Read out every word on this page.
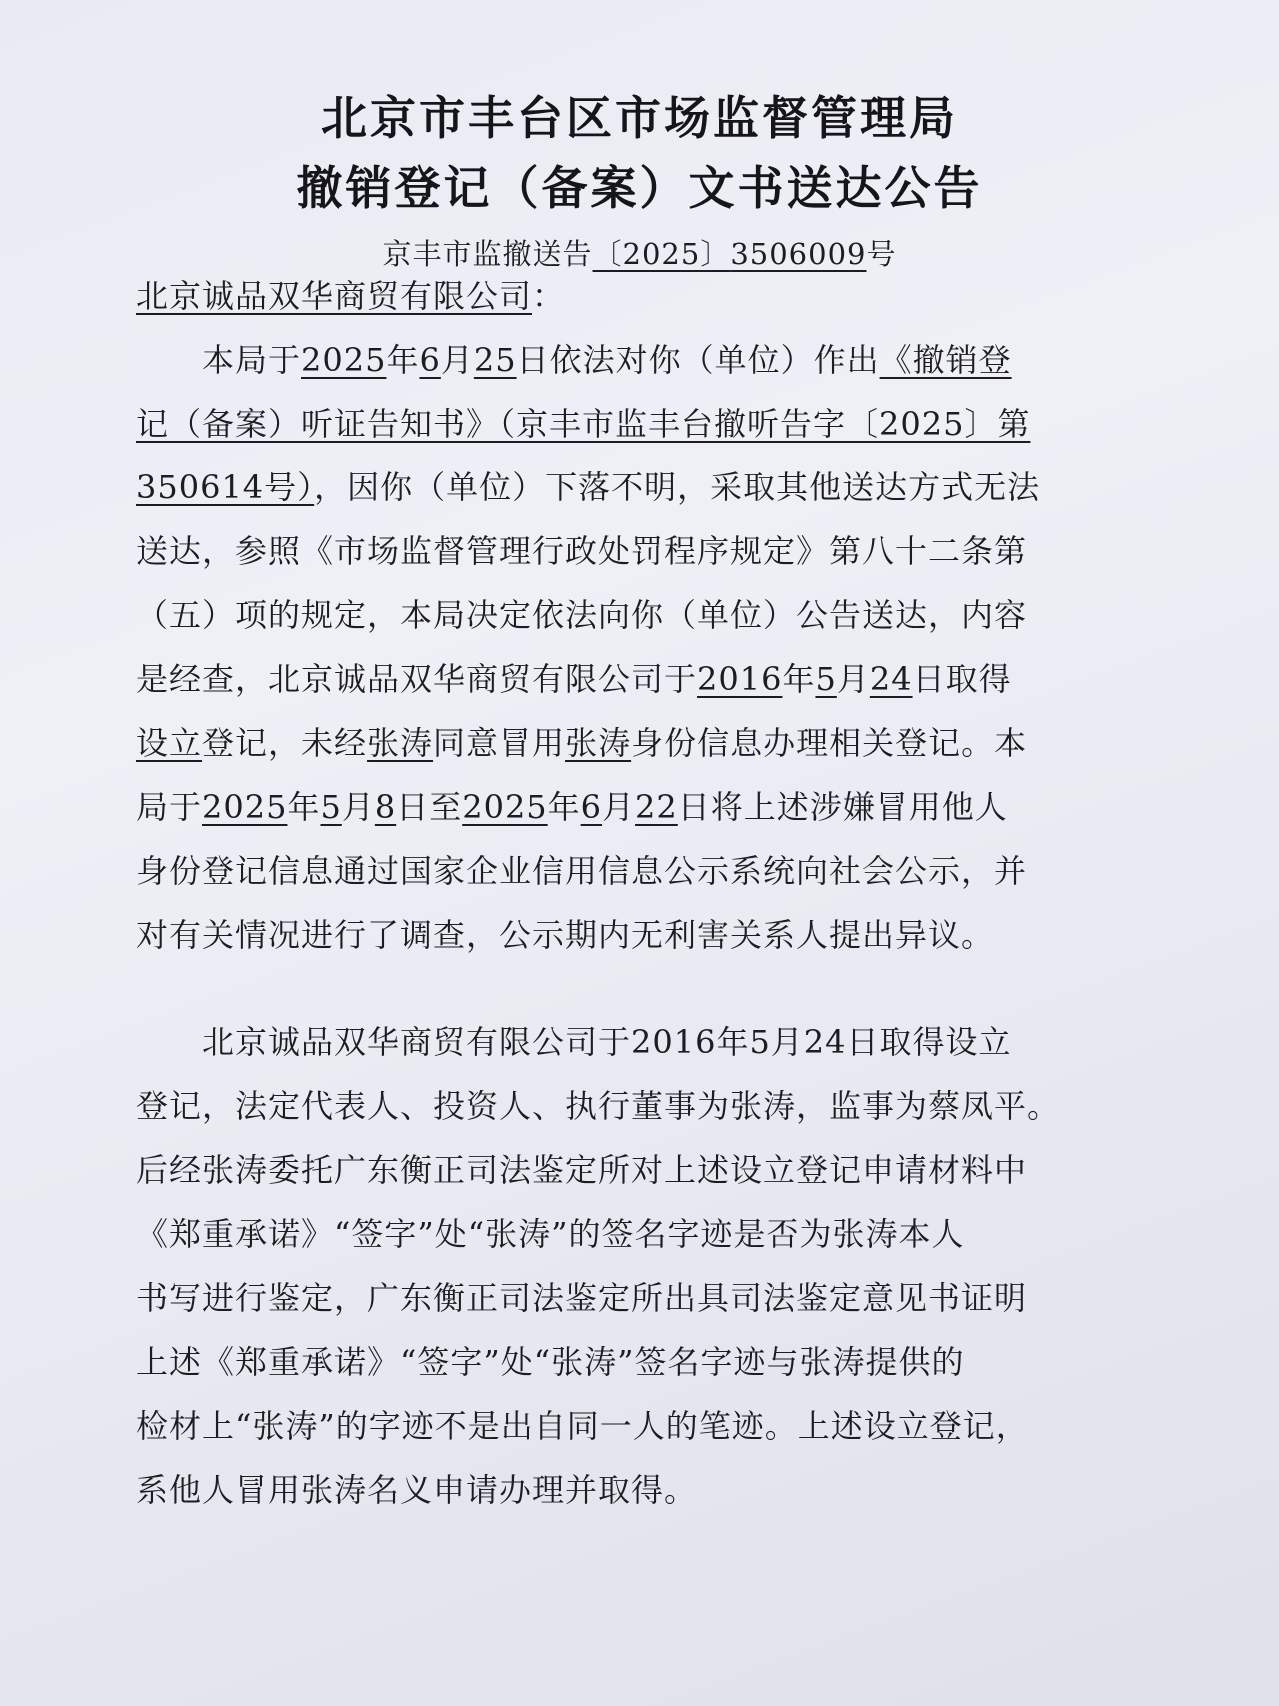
北京市丰台区市场监督管理局
撤销登记（备案）文书送达公告
京丰市监撤送告〔2025〕3506009号
北京诚品双华商贸有限公司：
本局于2025年6月25日依法对你（单位）作出《撤销登
记（备案）听证告知书》（京丰市监丰台撤听告字〔2025〕第
350614号），因你（单位）下落不明，采取其他送达方式无法
送达，参照《市场监督管理行政处罚程序规定》第八十二条第
（五）项的规定，本局决定依法向你（单位）公告送达，内容
是经查，北京诚品双华商贸有限公司于2016年5月24日取得
设立登记，未经张涛同意冒用张涛身份信息办理相关登记。本
局于2025年5月8日至2025年6月22日将上述涉嫌冒用他人
身份登记信息通过国家企业信用信息公示系统向社会公示，并
对有关情况进行了调查，公示期内无利害关系人提出异议。
北京诚品双华商贸有限公司于2016年5月24日取得设立
登记，法定代表人、投资人、执行董事为张涛，监事为蔡凤平。
后经张涛委托广东衡正司法鉴定所对上述设立登记申请材料中
《郑重承诺》“签字”处“张涛”的签名字迹是否为张涛本人
书写进行鉴定，广东衡正司法鉴定所出具司法鉴定意见书证明
上述《郑重承诺》“签字”处“张涛”签名字迹与张涛提供的
检材上“张涛”的字迹不是出自同一人的笔迹。上述设立登记，
系他人冒用张涛名义申请办理并取得。
